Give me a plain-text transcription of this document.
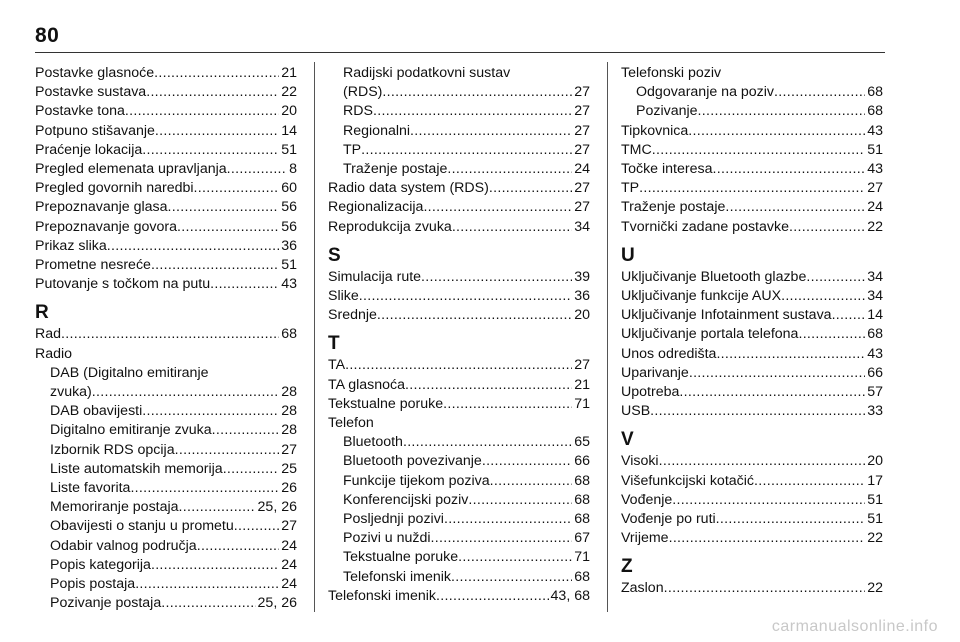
80
Postavke glasnoće .....	21
Postavke sustava .....	22
Postavke tona .....	20
Potpuno stišavanje .....	14
Praćenje lokacija .....	51
Pregled elemenata upravljanja .....	8
Pregled govornih naredbi .....	60
Prepoznavanje glasa .....	56
Prepoznavanje govora .....	56
Prikaz slika .....	36
Prometne nesreće .....	51
Putovanje s točkom na putu .....	43
R
Rad .....	68
Radio
DAB (Digitalno emitiranje
zvuka) .....	28
DAB obavijesti .....	28
Digitalno emitiranje zvuka .....	28
Izbornik RDS opcija .....	27
Liste automatskih memorija .....	25
Liste favorita .....	26
Memoriranje postaja .....	25, 26
Obavijesti o stanju u prometu .....	27
Odabir valnog područja .....	24
Popis kategorija .....	24
Popis postaja .....	24
Pozivanje postaja .....	25, 26
Radijski podatkovni sustav
(RDS) .....	27
RDS .....	27
Regionalni .....	27
TP .....	27
Traženje postaje .....	24
Radio data system (RDS) .....	27
Regionalizacija .....	27
Reprodukcija zvuka .....	34
S
Simulacija rute .....	39
Slike .....	36
Srednje .....	20
T
TA .....	27
TA glasnoća .....	21
Tekstualne poruke .....	71
Telefon
Bluetooth .....	65
Bluetooth povezivanje .....	66
Funkcije tijekom poziva .....	68
Konferencijski poziv .....	68
Posljednji pozivi .....	68
Pozivi u nuždi .....	67
Tekstualne poruke .....	71
Telefonski imenik .....	68
Telefonski imenik .....	43, 68
Telefonski poziv
Odgovaranje na poziv .....	68
Pozivanje .....	68
Tipkovnica .....	43
TMC .....	51
Točke interesa .....	43
TP .....	27
Traženje postaje .....	24
Tvornički zadane postavke .....	22
U
Uključivanje Bluetooth glazbe .....	34
Uključivanje funkcije AUX .....	34
Uključivanje Infotainment sustava .....	14
Uključivanje portala telefona .....	68
Unos odredišta .....	43
Uparivanje .....	66
Upotreba .....	57
USB .....	33
V
Visoki .....	20
Višefunkcijski kotačić .....	17
Vođenje .....	51
Vođenje po ruti .....	51
Vrijeme .....	22
Z
Zaslon .....	22
carmanualsonline.info
